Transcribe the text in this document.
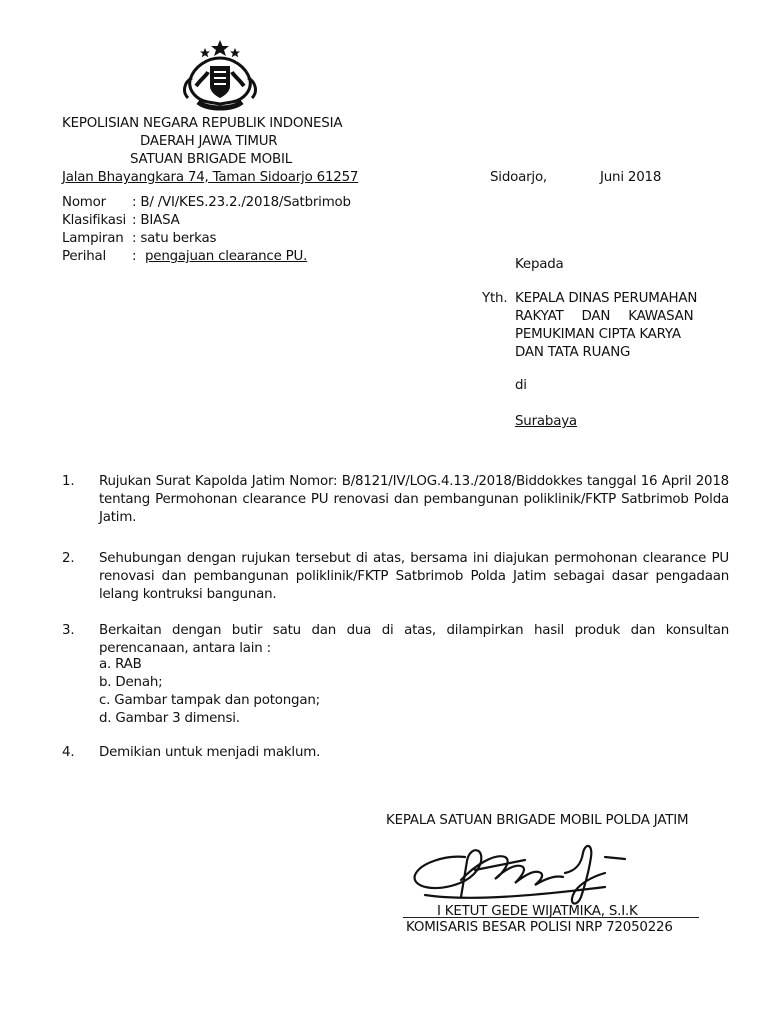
KEPOLISIAN NEGARA REPUBLIK INDONESIA
DAERAH JAWA TIMUR
SATUAN BRIGADE MOBIL
Jalan Bhayangkara 74, Taman Sidoarjo 61257	Sidoarjo,	Juni 2018
Nomor : B/ /VI/KES.23.2./2018/Satbrimob
Klasifikasi : BIASA
Lampiran : satu berkas
Perihal : pengajuan clearance PU.
Kepada
Yth. KEPALA DINAS PERUMAHAN
RAKYAT DAN KAWASAN
PEMUKIMAN CIPTA KARYA
DAN TATA RUANG
di
Surabaya
1. Rujukan Surat Kapolda Jatim Nomor: B/8121/IV/LOG.4.13./2018/Biddokkes tanggal 16 April 2018 tentang Permohonan clearance PU renovasi dan pembangunan poliklinik/FKTP Satbrimob Polda Jatim.
2. Sehubungan dengan rujukan tersebut di atas, bersama ini diajukan permohonan clearance PU renovasi dan pembangunan poliklinik/FKTP Satbrimob Polda Jatim sebagai dasar pengadaan lelang kontruksi bangunan.
3. Berkaitan dengan butir satu dan dua di atas, dilampirkan hasil produk dan konsultan perencanaan, antara lain :
a. RAB
b. Denah;
c. Gambar tampak dan potongan;
d. Gambar 3 dimensi.
4. Demikian untuk menjadi maklum.
KEPALA SATUAN BRIGADE MOBIL POLDA JATIM
I KETUT GEDE WIJATMIKA, S.I.K
KOMISARIS BESAR POLISI NRP 72050226
